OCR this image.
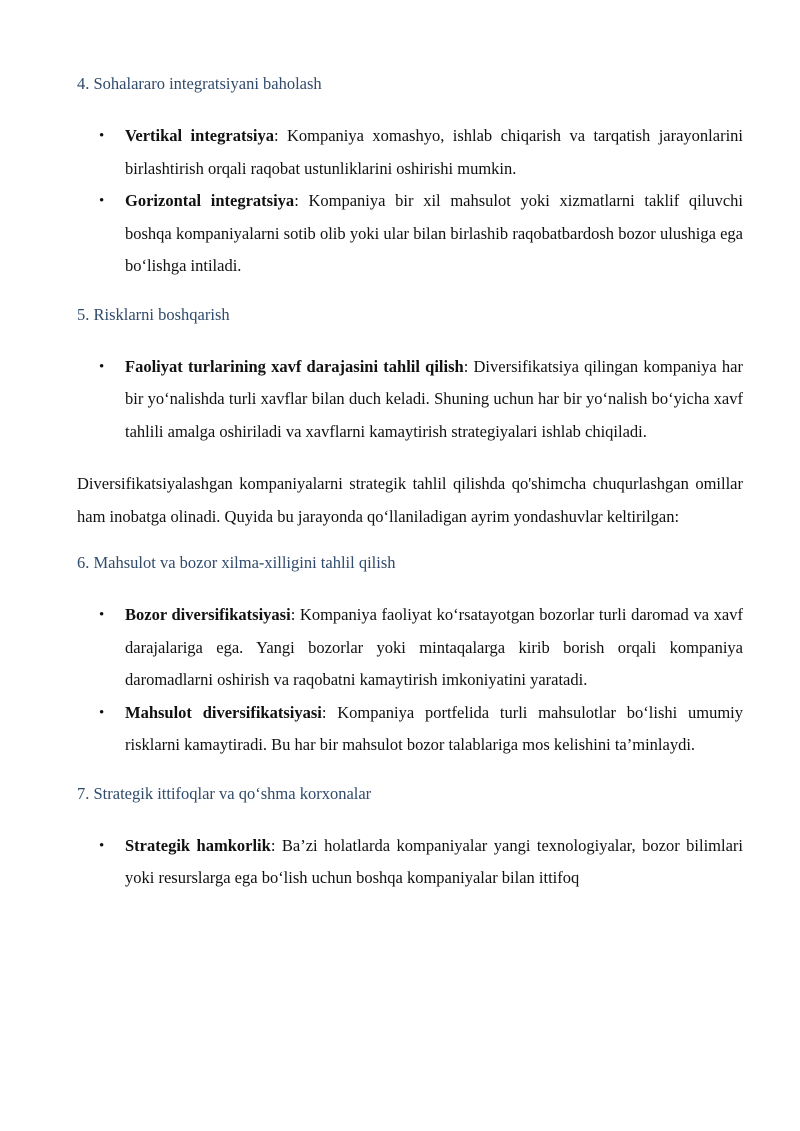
4. Sohalararo integratsiyani baholash
• Vertikal integratsiya: Kompaniya xomashyo, ishlab chiqarish va tarqatish jarayonlarini birlashtirish orqali raqobat ustunliklarini oshirishi mumkin.
• Gorizontal integratsiya: Kompaniya bir xil mahsulot yoki xizmatlarni taklif qiluvchi boshqa kompaniyalarni sotib olib yoki ular bilan birlashib raqobatbardosh bozor ulushiga ega bo‘lishga intiladi.
5. Risklarni boshqarish
• Faoliyat turlarining xavf darajasini tahlil qilish: Diversifikatsiya qilingan kompaniya har bir yo‘nalishda turli xavflar bilan duch keladi. Shuning uchun har bir yo‘nalish bo‘yicha xavf tahlili amalga oshiriladi va xavflarni kamaytirish strategiyalari ishlab chiqiladi.

Diversifikatsiyalashgan kompaniyalarni strategik tahlil qilishda qo'shimcha chuqurlashgan omillar ham inobatga olinadi. Quyida bu jarayonda qo‘llaniladigan ayrim yondashuvlar keltirilgan:

6. Mahsulot va bozor xilma-xilligini tahlil qilish
• Bozor diversifikatsiyasi: Kompaniya faoliyat ko‘rsatayotgan bozorlar turli daromad va xavf darajalariga ega. Yangi bozorlar yoki mintaqalarga kirib borish orqali kompaniya daromadlarni oshirish va raqobatni kamaytirish imkoniyatini yaratadi.
• Mahsulot diversifikatsiyasi: Kompaniya portfelida turli mahsulotlar bo‘lishi umumiy risklarni kamaytiradi. Bu har bir mahsulot bozor talablariga mos kelishini ta’minlaydi.
7. Strategik ittifoqlar va qo‘shma korxonalar
• Strategik hamkorlik: Ba’zi holatlarda kompaniyalar yangi texnologiyalar, bozor bilimlari yoki resurslarga ega bo‘lish uchun boshqa kompaniyalar bilan ittifoq
